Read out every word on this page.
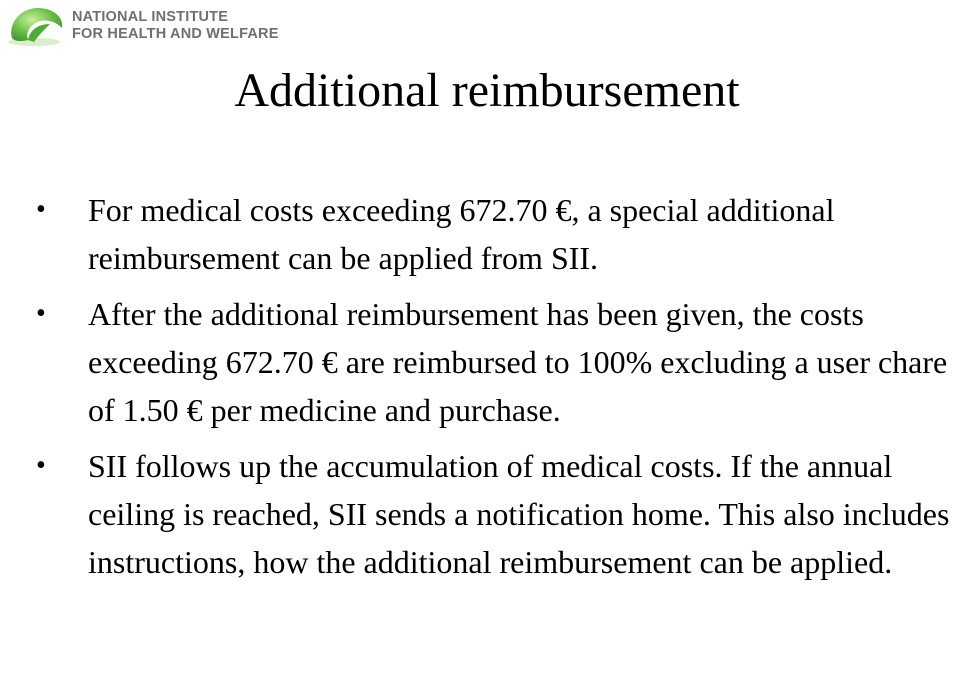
NATIONAL INSTITUTE
FOR HEALTH AND WELFARE
Additional reimbursement
• For medical costs exceeding 672.70 €, a special additional reimbursement can be applied from SII.
• After the additional reimbursement has been given, the costs exceeding 672.70 € are reimbursed to 100% excluding a user chare of 1.50 € per medicine and purchase.
• SII follows up the accumulation of medical costs. If the annual ceiling is reached, SII sends a notification home. This also includes instructions, how the additional reimbursement can be applied.
